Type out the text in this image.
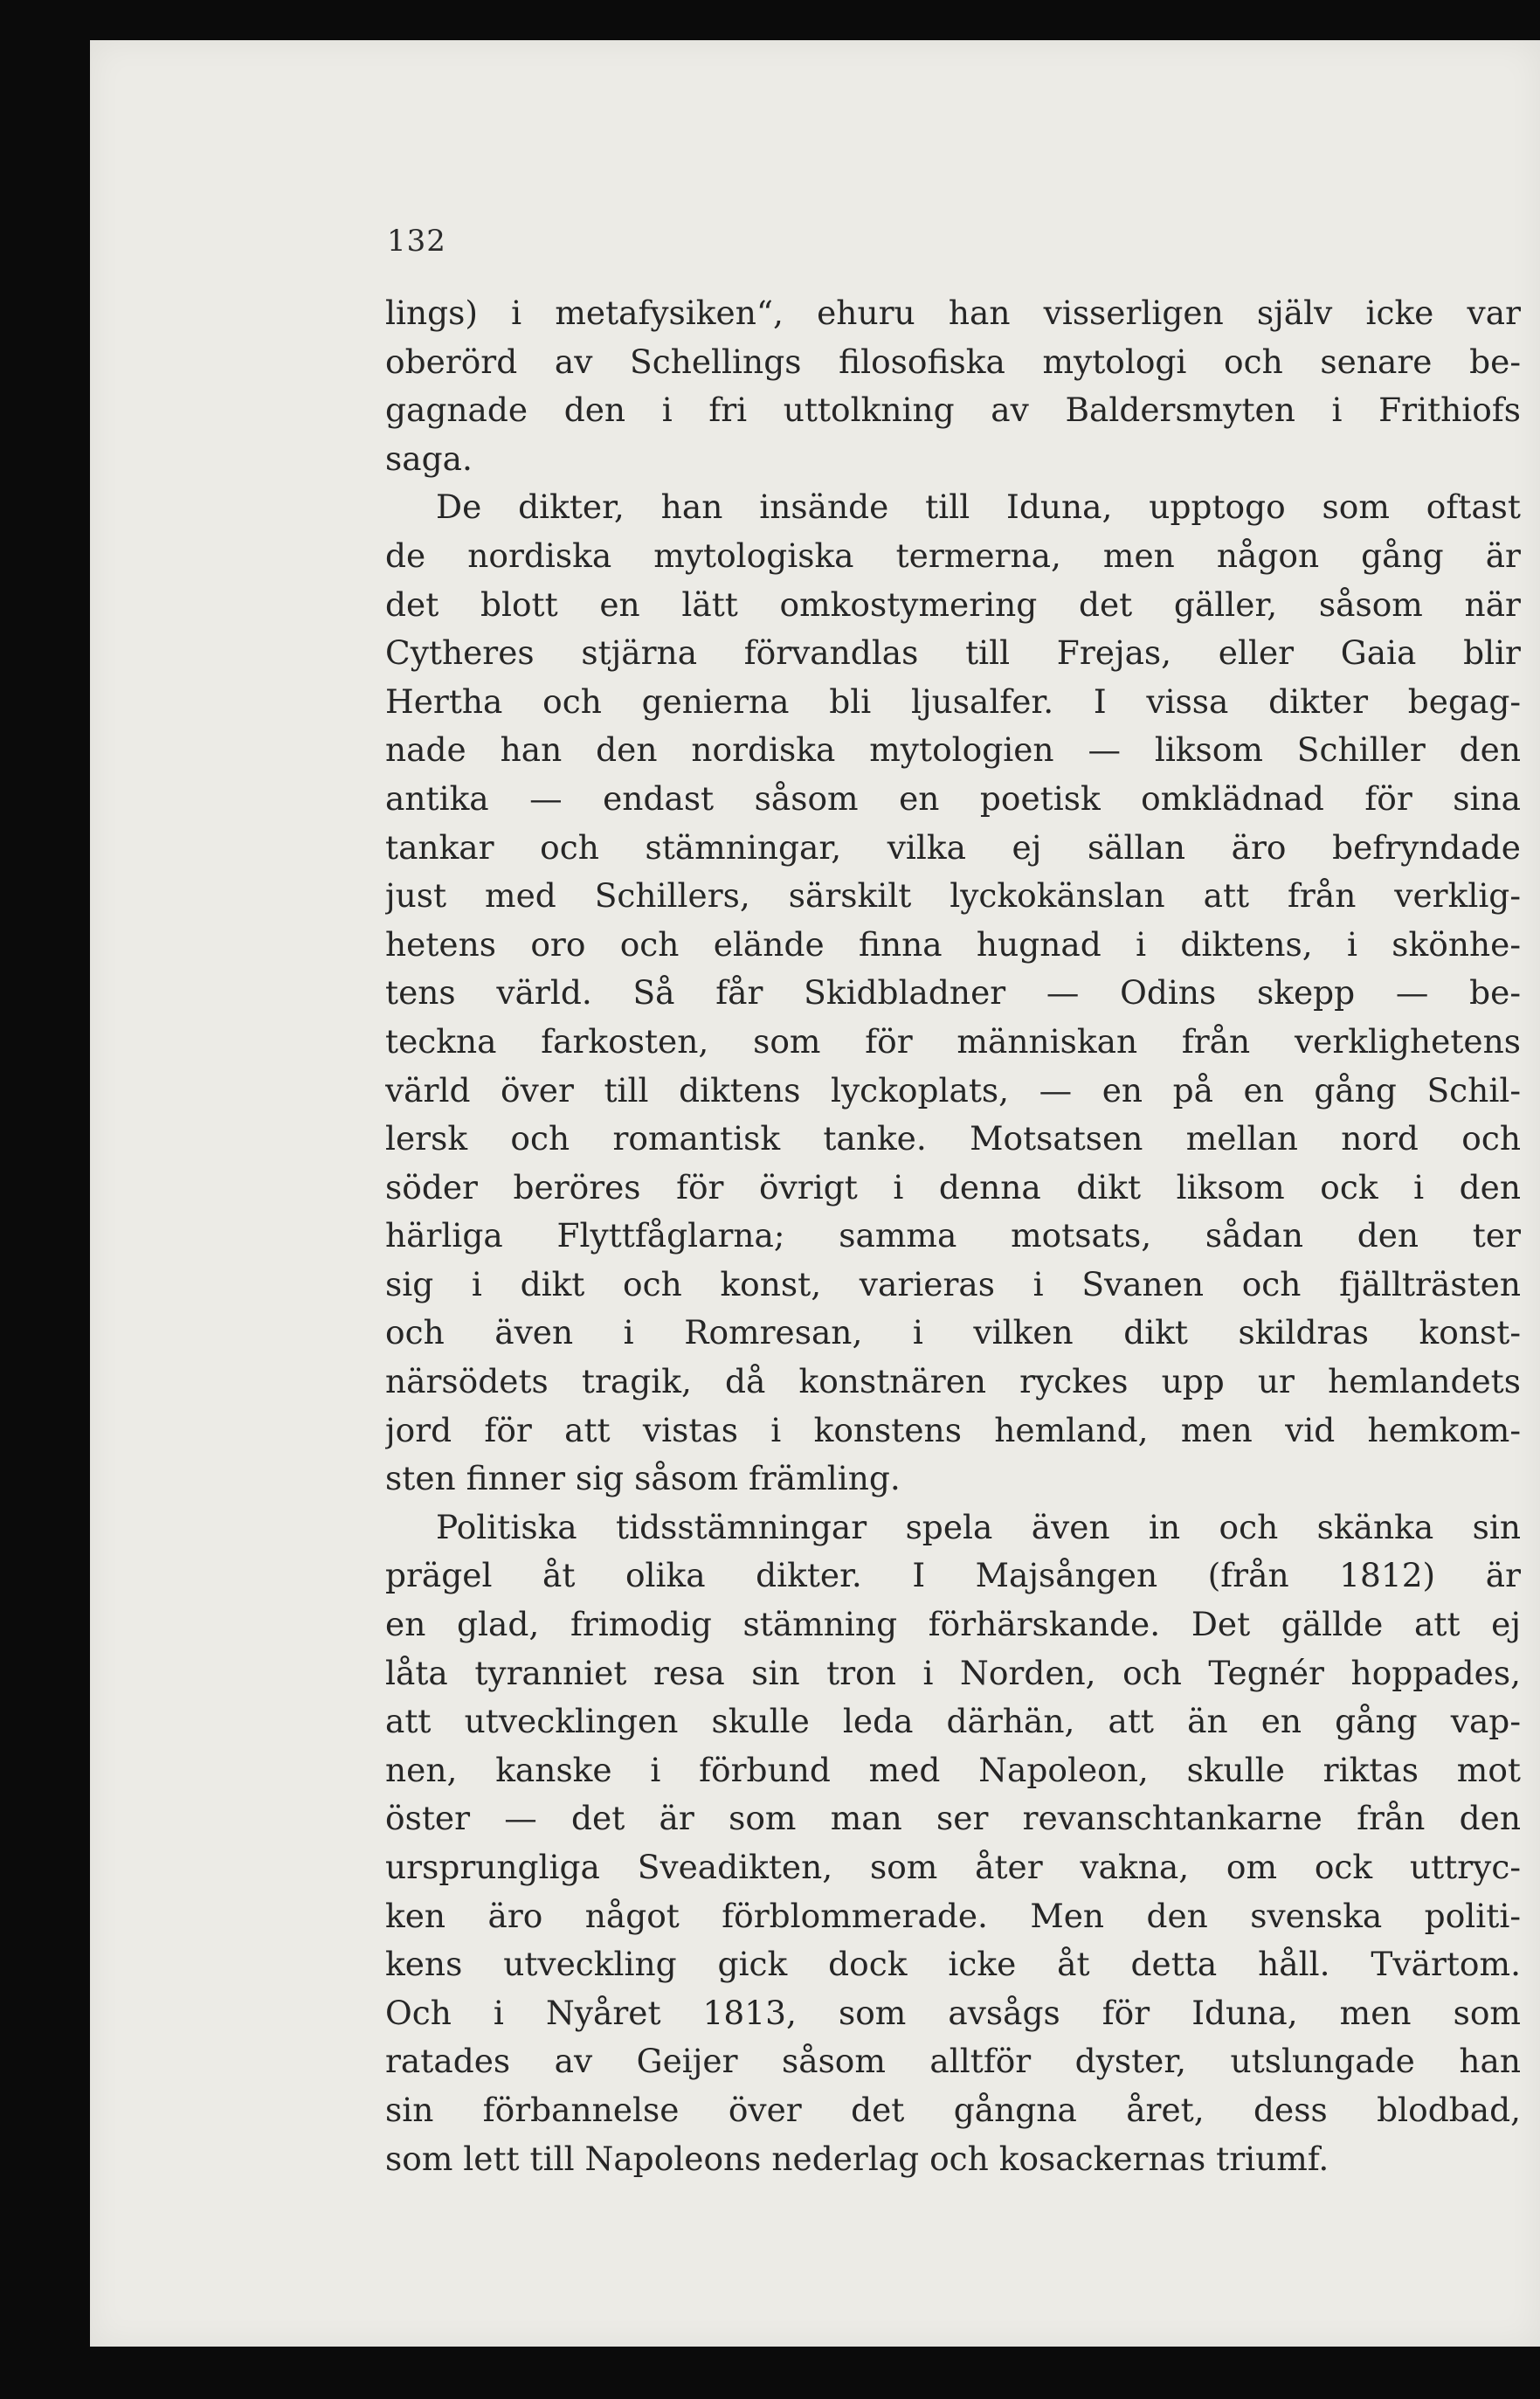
132
lings) i metafysiken“, ehuru han visserligen själv icke var
oberörd av Schellings filosofiska mytologi och senare be-
gagnade den i fri uttolkning av Baldersmyten i Frithiofs
saga.
De dikter, han insände till Iduna, upptogo som oftast
de nordiska mytologiska termerna, men någon gång är
det blott en lätt omkostymering det gäller, såsom när
Cytheres stjärna förvandlas till Frejas, eller Gaia blir
Hertha och genierna bli ljusalfer. I vissa dikter begag-
nade han den nordiska mytologien — liksom Schiller den
antika — endast såsom en poetisk omklädnad för sina
tankar och stämningar, vilka ej sällan äro befryndade
just med Schillers, särskilt lyckokänslan att från verklig-
hetens oro och elände finna hugnad i diktens, i skönhe-
tens värld. Så får Skidbladner — Odins skepp — be-
teckna farkosten, som för människan från verklighetens
värld över till diktens lyckoplats, — en på en gång Schil-
lersk och romantisk tanke. Motsatsen mellan nord och
söder beröres för övrigt i denna dikt liksom ock i den
härliga Flyttfåglarna; samma motsats, sådan den ter
sig i dikt och konst, varieras i Svanen och fjällträsten
och även i Romresan, i vilken dikt skildras konst-
närsödets tragik, då konstnären ryckes upp ur hemlandets
jord för att vistas i konstens hemland, men vid hemkom-
sten finner sig såsom främling.
Politiska tidsstämningar spela även in och skänka sin
prägel åt olika dikter. I Majsången (från 1812) är
en glad, frimodig stämning förhärskande. Det gällde att ej
låta tyranniet resa sin tron i Norden, och Tegnér hoppades,
att utvecklingen skulle leda därhän, att än en gång vap-
nen, kanske i förbund med Napoleon, skulle riktas mot
öster — det är som man ser revanschtankarne från den
ursprungliga Sveadikten, som åter vakna, om ock uttryc-
ken äro något förblommerade. Men den svenska politi-
kens utveckling gick dock icke åt detta håll. Tvärtom.
Och i Nyåret 1813, som avsågs för Iduna, men som
ratades av Geijer såsom alltför dyster, utslungade han
sin förbannelse över det gångna året, dess blodbad,
som lett till Napoleons nederlag och kosackernas triumf.
